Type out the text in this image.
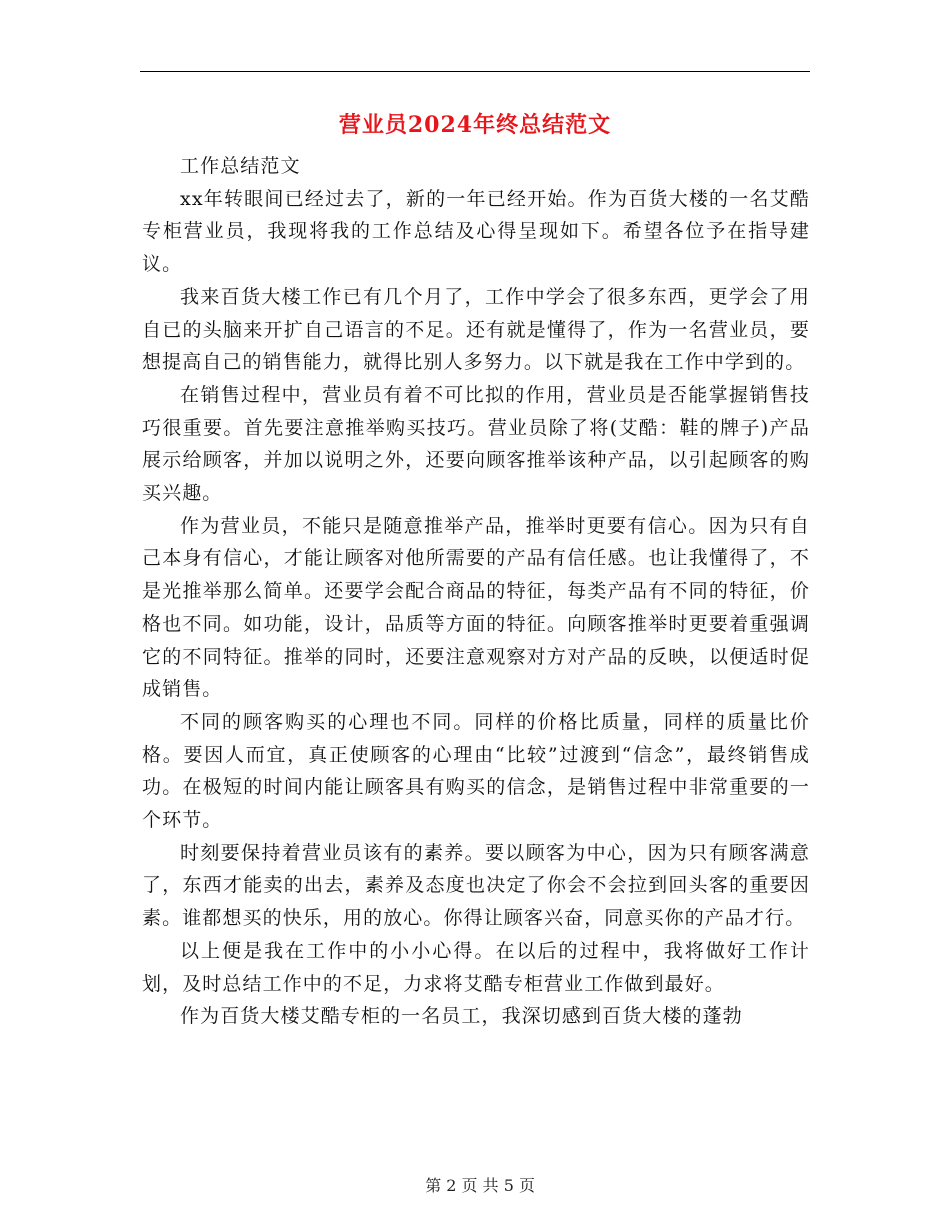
营业员2024年终总结范文

工作总结范文

xx年转眼间已经过去了，新的一年已经开始。作为百货大楼的一名艾酷专柜营业员，我现将我的工作总结及心得呈现如下。希望各位予在指导建议。

我来百货大楼工作已有几个月了，工作中学会了很多东西，更学会了用自已的头脑来开扩自己语言的不足。还有就是懂得了，作为一名营业员，要想提高自己的销售能力，就得比别人多努力。以下就是我在工作中学到的。

在销售过程中，营业员有着不可比拟的作用，营业员是否能掌握销售技巧很重要。首先要注意推举购买技巧。营业员除了将(艾酷：鞋的牌子)产品展示给顾客，并加以说明之外，还要向顾客推举该种产品，以引起顾客的购买兴趣。

作为营业员，不能只是随意推举产品，推举时更要有信心。因为只有自己本身有信心，才能让顾客对他所需要的产品有信任感。也让我懂得了，不是光推举那么简单。还要学会配合商品的特征，每类产品有不同的特征，价格也不同。如功能，设计，品质等方面的特征。向顾客推举时更要着重强调它的不同特征。推举的同时，还要注意观察对方对产品的反映，以便适时促成销售。

不同的顾客购买的心理也不同。同样的价格比质量，同样的质量比价格。要因人而宜，真正使顾客的心理由“比较”过渡到“信念”，最终销售成功。在极短的时间内能让顾客具有购买的信念，是销售过程中非常重要的一个环节。

时刻要保持着营业员该有的素养。要以顾客为中心，因为只有顾客满意了，东西才能卖的出去，素养及态度也决定了你会不会拉到回头客的重要因素。谁都想买的快乐，用的放心。你得让顾客兴奋，同意买你的产品才行。

以上便是我在工作中的小小心得。在以后的过程中，我将做好工作计划，及时总结工作中的不足，力求将艾酷专柜营业工作做到最好。

作为百货大楼艾酷专柜的一名员工，我深切感到百货大楼的蓬勃

第 2 页 共 5 页
